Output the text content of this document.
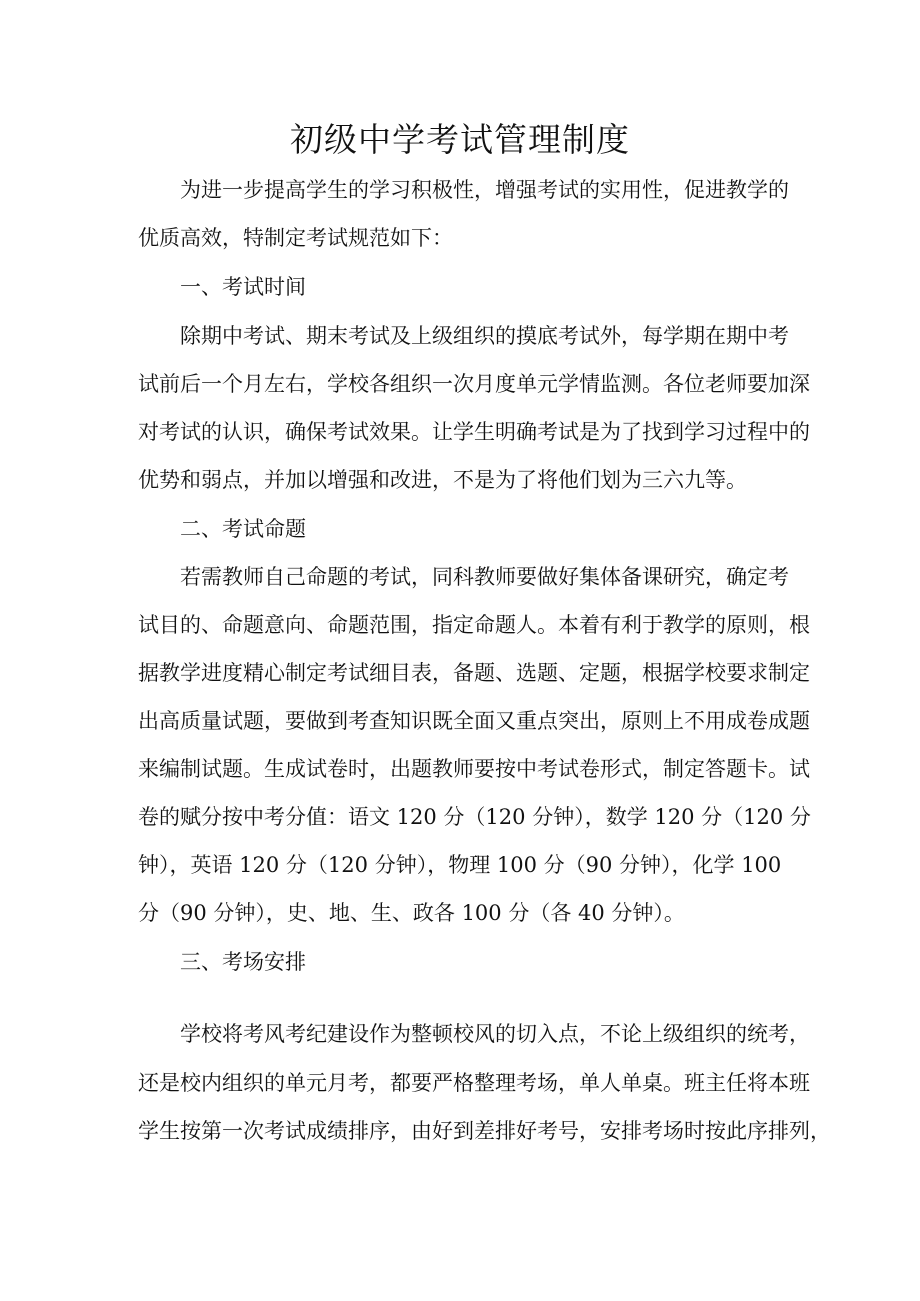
初级中学考试管理制度

为进一步提高学生的学习积极性，增强考试的实用性，促进教学的

优质高效，特制定考试规范如下：

一、考试时间

除期中考试、期末考试及上级组织的摸底考试外，每学期在期中考

试前后一个月左右，学校各组织一次月度单元学情监测。各位老师要加深

对考试的认识，确保考试效果。让学生明确考试是为了找到学习过程中的

优势和弱点，并加以增强和改进，不是为了将他们划为三六九等。

二、考试命题

若需教师自己命题的考试，同科教师要做好集体备课研究，确定考

试目的、命题意向、命题范围，指定命题人。本着有利于教学的原则，根

据教学进度精心制定考试细目表，备题、选题、定题，根据学校要求制定

出高质量试题，要做到考查知识既全面又重点突出，原则上不用成卷成题

来编制试题。生成试卷时，出题教师要按中考试卷形式，制定答题卡。试

卷的赋分按中考分值：语文 120 分（120 分钟），数学 120 分（120 分

钟），英语 120 分（120 分钟），物理 100 分（90 分钟），化学 100

分（90 分钟），史、地、生、政各 100 分（各 40 分钟）。

三、考场安排

学校将考风考纪建设作为整顿校风的切入点，不论上级组织的统考，

还是校内组织的单元月考，都要严格整理考场，单人单桌。班主任将本班

学生按第一次考试成绩排序，由好到差排好考号，安排考场时按此序排列，
